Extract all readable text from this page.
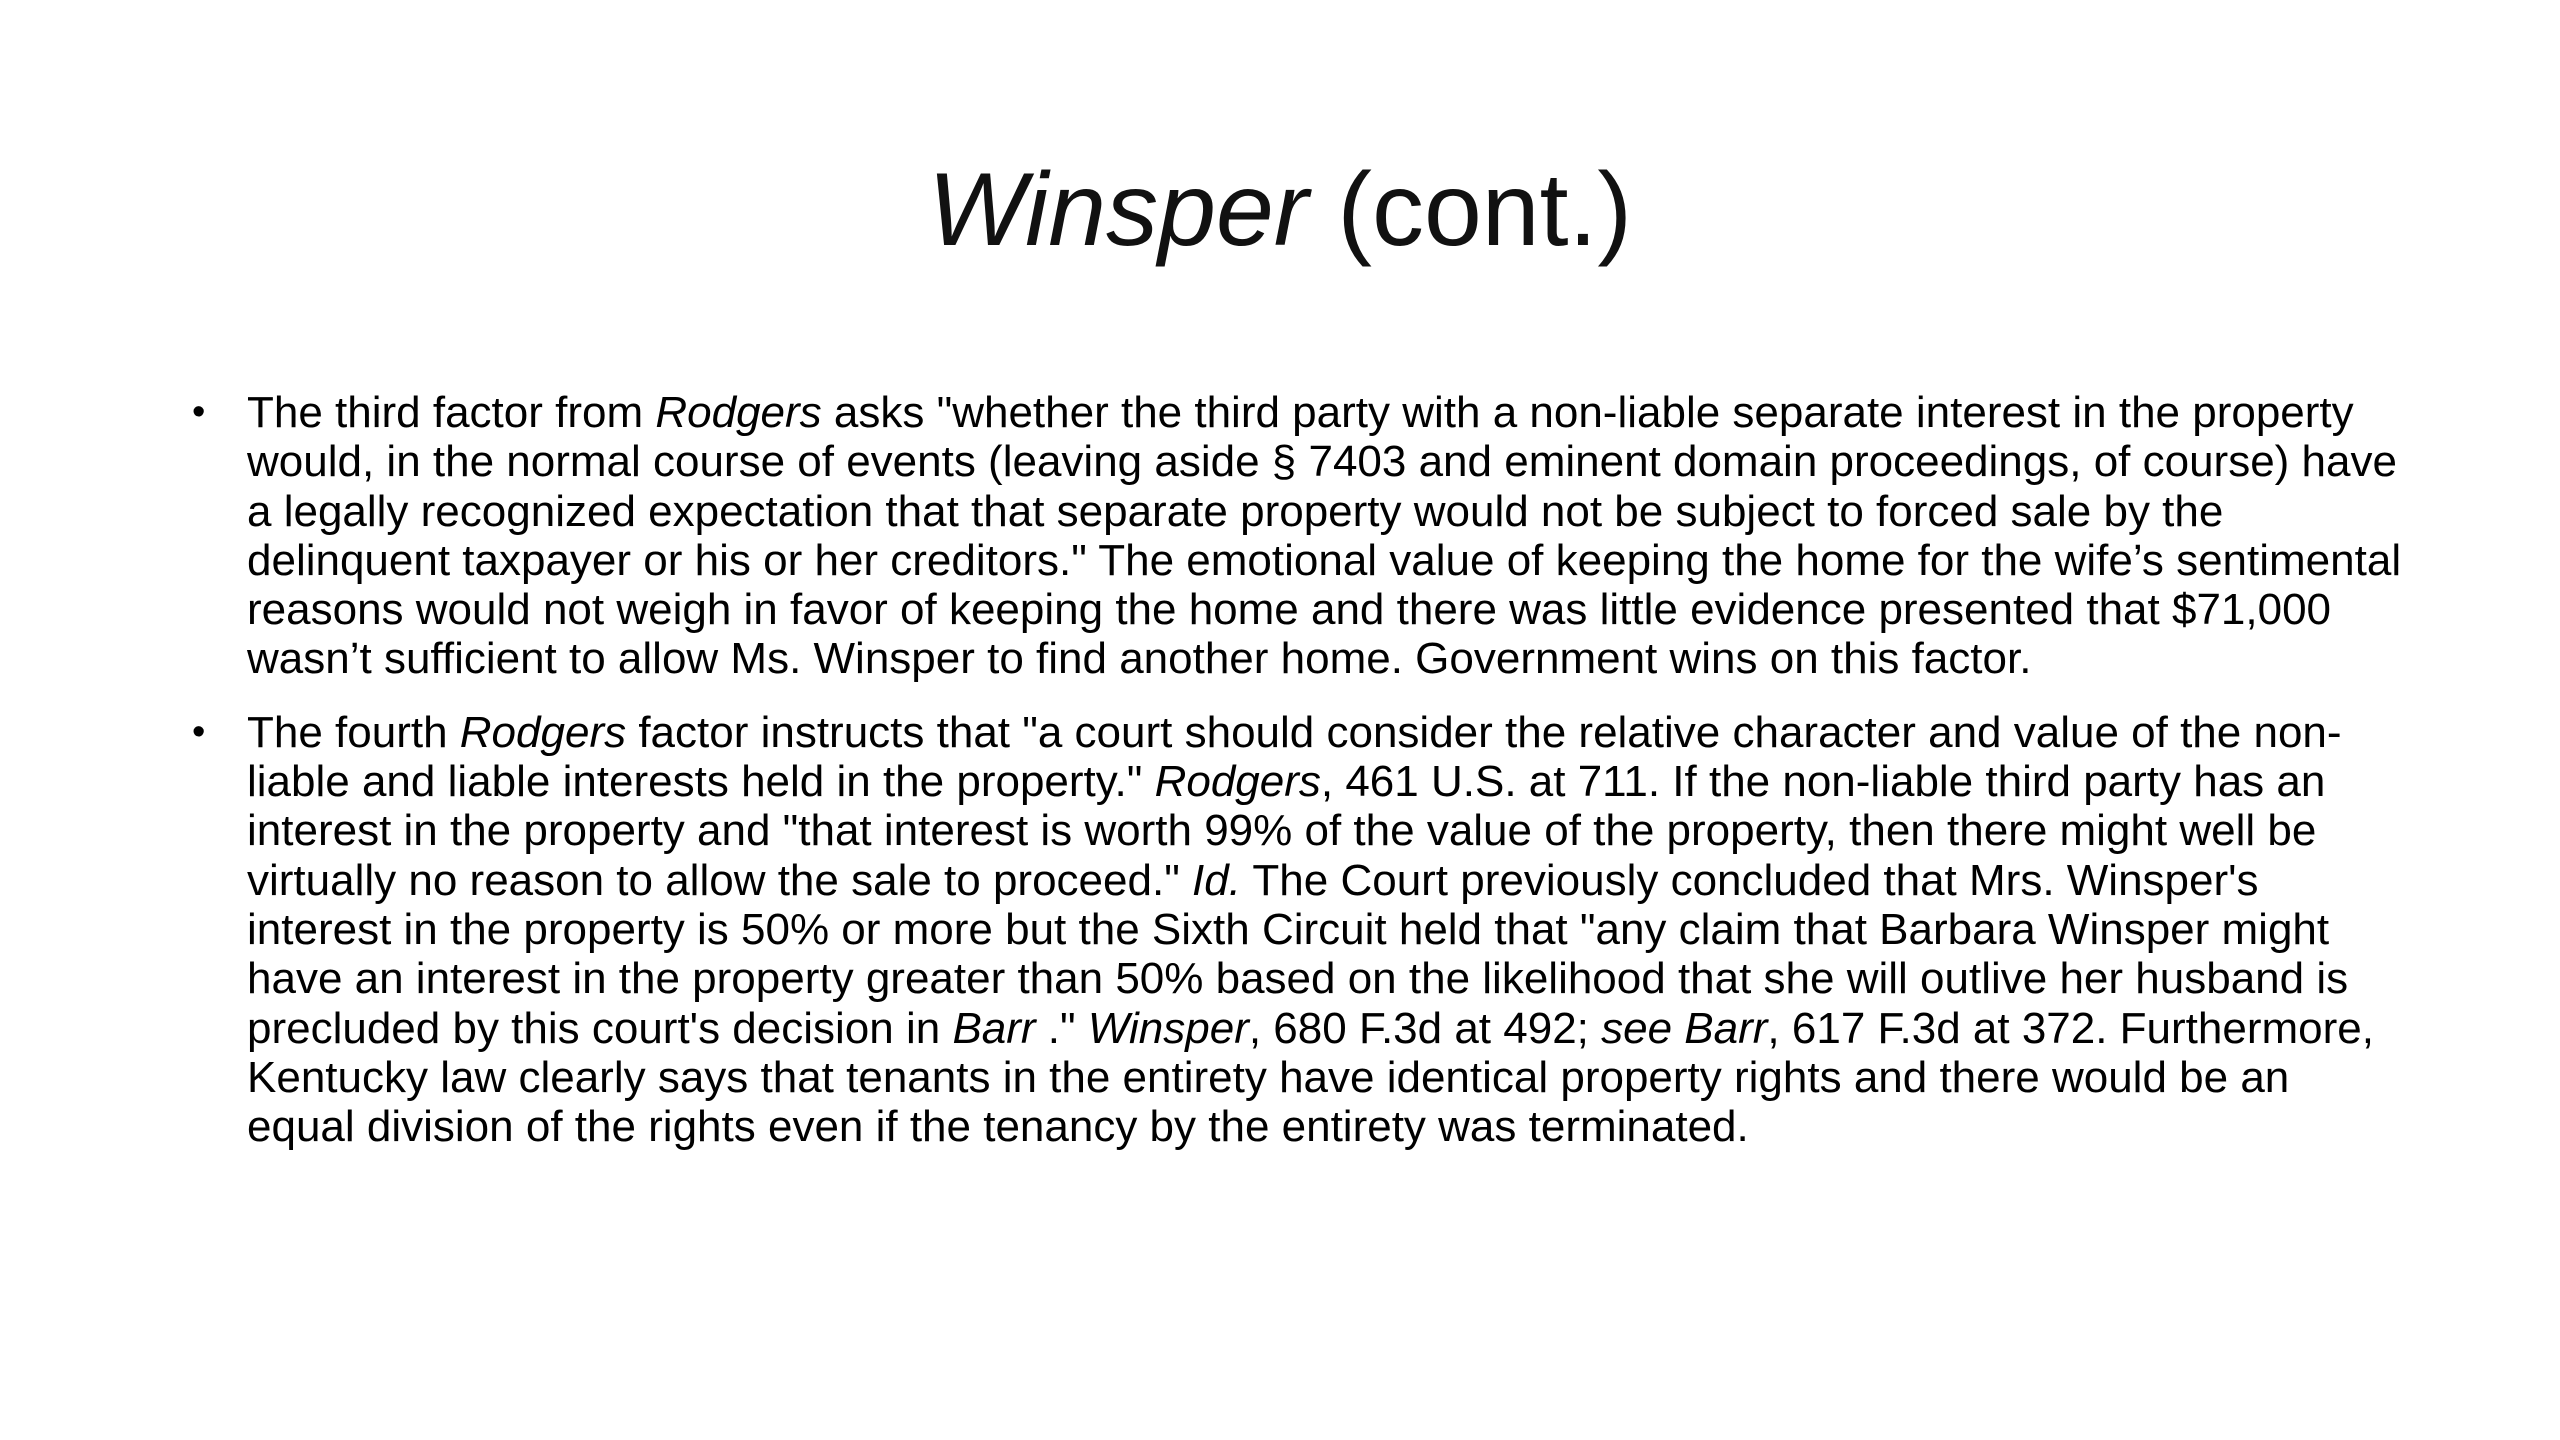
Winsper (cont.)
• The third factor from Rodgers asks "whether the third party with a non-liable separate interest in the property would, in the normal course of events (leaving aside § 7403 and eminent domain proceedings, of course) have a legally recognized expectation that that separate property would not be subject to forced sale by the delinquent taxpayer or his or her creditors." The emotional value of keeping the home for the wife’s sentimental reasons would not weigh in favor of keeping the home and there was little evidence presented that $71,000 wasn’t sufficient to allow Ms. Winsper to find another home. Government wins on this factor.
• The fourth Rodgers factor instructs that "a court should consider the relative character and value of the non-liable and liable interests held in the property." Rodgers, 461 U.S. at 711. If the non-liable third party has an interest in the property and "that interest is worth 99% of the value of the property, then there might well be virtually no reason to allow the sale to proceed." Id. The Court previously concluded that Mrs. Winsper's interest in the property is 50% or more but the Sixth Circuit held that "any claim that Barbara Winsper might have an interest in the property greater than 50% based on the likelihood that she will outlive her husband is precluded by this court's decision in Barr ." Winsper, 680 F.3d at 492; see Barr, 617 F.3d at 372. Furthermore, Kentucky law clearly says that tenants in the entirety have identical property rights and there would be an equal division of the rights even if the tenancy by the entirety was terminated.
